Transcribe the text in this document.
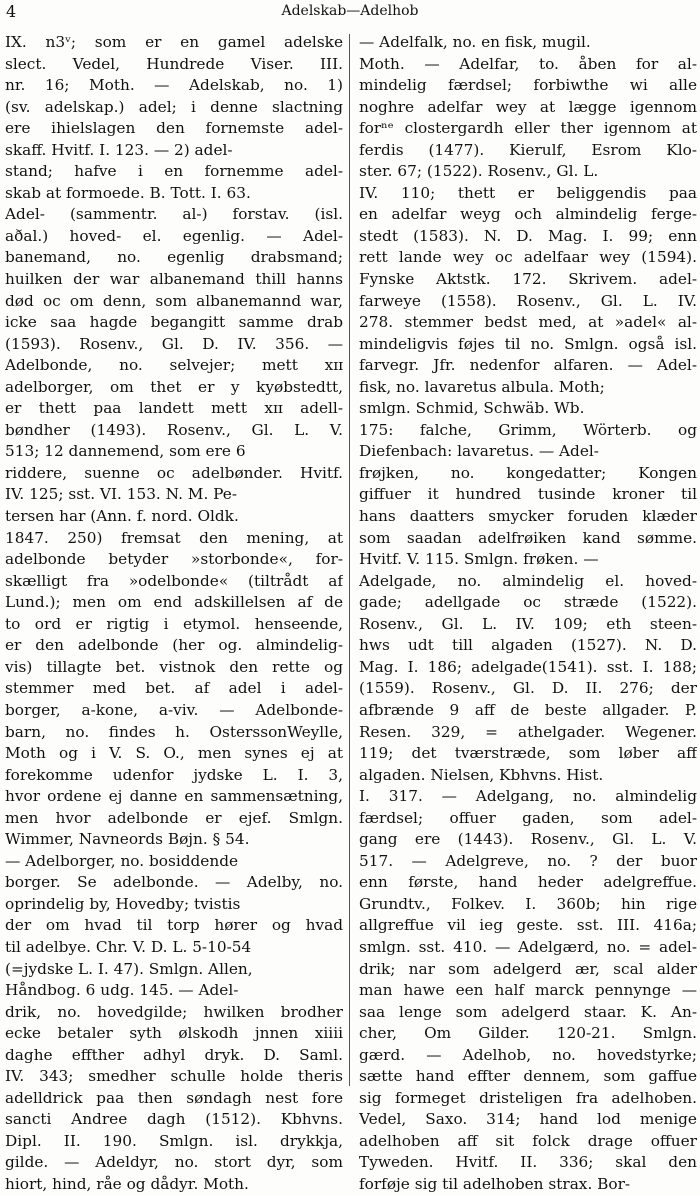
4	Adelskab—Adelhob
IX. n3ᵛ; som er en gamel adelske
slect. Vedel, Hundrede Viser. III.
nr. 16; Moth. — Adelskab, no. 1)
(sv. adelskap.) adel; i denne slactning
ere ihielslagen den fornemste adel-
skaff. Hvitf. I. 123. — 2) adel-
stand; hafve i en fornemme adel-
skab at formoede. B. Tott. I. 63.
Adel- (sammentr. al-) forstav. (isl.
aðal.) hoved- el. egenlig. — Adel-
banemand, no. egenlig drabsmand;
huilken der war albanemand thill hanns
død oc om denn, som albanemannd war,
icke saa hagde begangitt samme drab
(1593). Rosenv., Gl. D. IV. 356. —
Adelbonde, no. selvejer; mett xɪɪ
adelborger, om thet er y kyøbstedtt,
er thett paa landett mett xɪɪ adell-
bøndher (1493). Rosenv., Gl. L. V.
513; 12 dannemend, som ere 6
riddere, suenne oc adelbønder. Hvitf.
IV. 125; sst. VI. 153. N. M. Pe-
tersen har (Ann. f. nord. Oldk.
1847. 250) fremsat den mening, at
adelbonde betyder »storbonde«, for-
skælligt fra »odelbonde« (tiltrådt af
Lund.); men om end adskillelsen af de
to ord er rigtig i etymol. henseende,
er den adelbonde (her og. almindelig-
vis) tillagte bet. vistnok den rette og
stemmer med bet. af adel i adel-
borger, a-kone, a-viv. — Adelbonde-
barn, no. findes h. OsterssonWeylle,
Moth og i V. S. O., men synes ej at
forekomme udenfor jydske L. I. 3,
hvor ordene ej danne en sammensætning,
men hvor adelbonde er ejef. Smlgn.
Wimmer, Navneords Bøjn. § 54.
— Adelborger, no. bosiddende
borger. Se adelbonde. — Adelby, no.
oprindelig by, Hovedby; tvistis
der om hvad til torp hører og hvad
til adelbye. Chr. V. D. L. 5-10-54
(=jydske L. I. 47). Smlgn. Allen,
Håndbog. 6 udg. 145. — Adel-
drik, no. hovedgilde; hwilken brodher
ecke betaler syth ølskodh jnnen xiiii
daghe effther adhyl dryk. D. Saml.
IV. 343; smedher schulle holde theris
adelldrick paa then søndagh nest fore
sancti Andree dagh (1512). Kbhvns.
Dipl. II. 190. Smlgn. isl. drykkja,
gilde. — Adeldyr, no. stort dyr, som
hiort, hind, råe og dådyr. Moth.
— Adelfalk, no. en fisk, mugil.
Moth. — Adelfar, to. åben for al-
mindelig færdsel; forbiwthe wi alle
noghre adelfar wey at lægge igennom
forⁿᵉ clostergardh eller ther igennom at
ferdis (1477). Kierulf, Esrom Klo-
ster. 67; (1522). Rosenv., Gl. L.
IV. 110; thett er beliggendis paa
en adelfar weyg och almindelig ferge-
stedt (1583). N. D. Mag. I. 99; enn
rett lande wey oc adelfaar wey (1594).
Fynske Aktstk. 172. Skrivem. adel-
farweye (1558). Rosenv., Gl. L. IV.
278. stemmer bedst med, at »adel« al-
mindeligvis føjes til no. Smlgn. også isl.
farvegr. Jfr. nedenfor alfaren. — Adel-
fisk, no. lavaretus albula. Moth;
smlgn. Schmid, Schwäb. Wb.
175: falche, Grimm, Wörterb. og
Diefenbach: lavaretus. — Adel-
frøjken, no. kongedatter; Kongen
giffuer it hundred tusinde kroner til
hans daatters smycker foruden klæder
som saadan adelfrøiken kand sømme.
Hvitf. V. 115. Smlgn. frøken. —
Adelgade, no. almindelig el. hoved-
gade; adellgade oc stræde (1522).
Rosenv., Gl. L. IV. 109; eth steen-
hws udt till algaden (1527). N. D.
Mag. I. 186; adelgade(1541). sst. I. 188;
(1559). Rosenv., Gl. D. II. 276; der
afbrænde 9 aff de beste allgader. P.
Resen. 329, = athelgader. Wegener.
119; det tværstræde, som løber aff
algaden. Nielsen, Kbhvns. Hist.
I. 317. — Adelgang, no. almindelig
færdsel; offuer gaden, som adel-
gang ere (1443). Rosenv., Gl. L. V.
517. — Adelgreve, no. ? der buor
enn første, hand heder adelgreffue.
Grundtv., Folkev. I. 360b; hin rige
allgreffue vil ieg geste. sst. III. 416a;
smlgn. sst. 410. — Adelgærd, no. = adel-
drik; nar som adelgerd ær, scal alder
man hawe een half marck pennynge —
saa lenge som adelgerd staar. K. An-
cher, Om Gilder. 120-21. Smlgn.
gærd. — Adelhob, no. hovedstyrke;
sætte hand effter dennem, som gaffue
sig formeget dristeligen fra adelhoben.
Vedel, Saxo. 314; hand lod menige
adelhoben aff sit folck drage offuer
Tyweden. Hvitf. II. 336; skal den
forføje sig til adelhoben strax. Bor-
